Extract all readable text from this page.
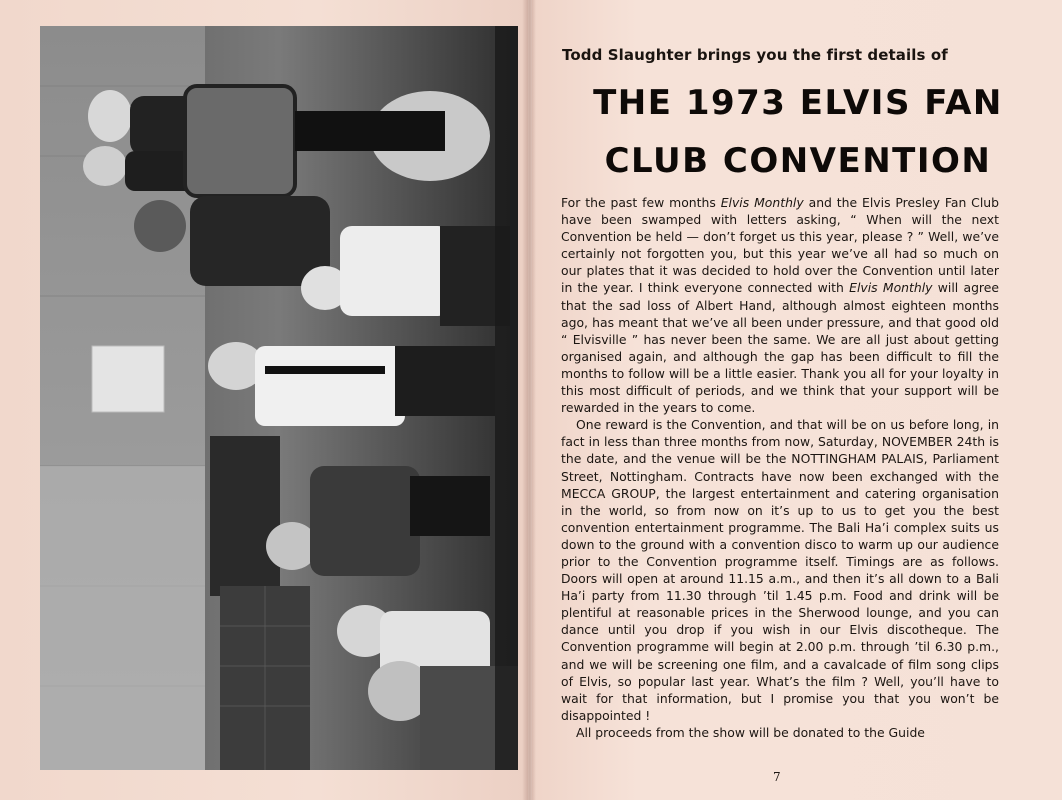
Todd Slaughter brings you the first details of
THE 1973 ELVIS FAN
CLUB CONVENTION

For the past few months Elvis Monthly and the Elvis Presley Fan Club have been swamped with letters asking, “ When will the next Convention be held — don’t forget us this year, please ? ” Well, we’ve certainly not forgotten you, but this year we’ve all had so much on our plates that it was decided to hold over the Convention until later in the year. I think everyone connected with Elvis Monthly will agree that the sad loss of Albert Hand, although almost eighteen months ago, has meant that we’ve all been under pressure, and that good old “ Elvisville ” has never been the same. We are all just about getting organised again, and although the gap has been difficult to fill the months to follow will be a little easier. Thank you all for your loyalty in this most difficult of periods, and we think that your support will be rewarded in the years to come.

One reward is the Convention, and that will be on us before long, in fact in less than three months from now, Saturday, NOVEMBER 24th is the date, and the venue will be the NOTTINGHAM PALAIS, Parliament Street, Nottingham. Contracts have now been exchanged with the MECCA GROUP, the largest entertainment and catering organisation in the world, so from now on it’s up to us to get you the best convention entertainment programme. The Bali Ha’i complex suits us down to the ground with a convention disco to warm up our audience prior to the Convention programme itself. Timings are as follows. Doors will open at around 11.15 a.m., and then it’s all down to a Bali Ha’i party from 11.30 through ’til 1.45 p.m. Food and drink will be plentiful at reasonable prices in the Sherwood lounge, and you can dance until you drop if you wish in our Elvis discotheque. The Convention programme will begin at 2.00 p.m. through ’til 6.30 p.m., and we will be screening one film, and a cavalcade of film song clips of Elvis, so popular last year. What’s the film ? Well, you’ll have to wait for that information, but I promise you that you won’t be disappointed !

All proceeds from the show will be donated to the Guide

7
